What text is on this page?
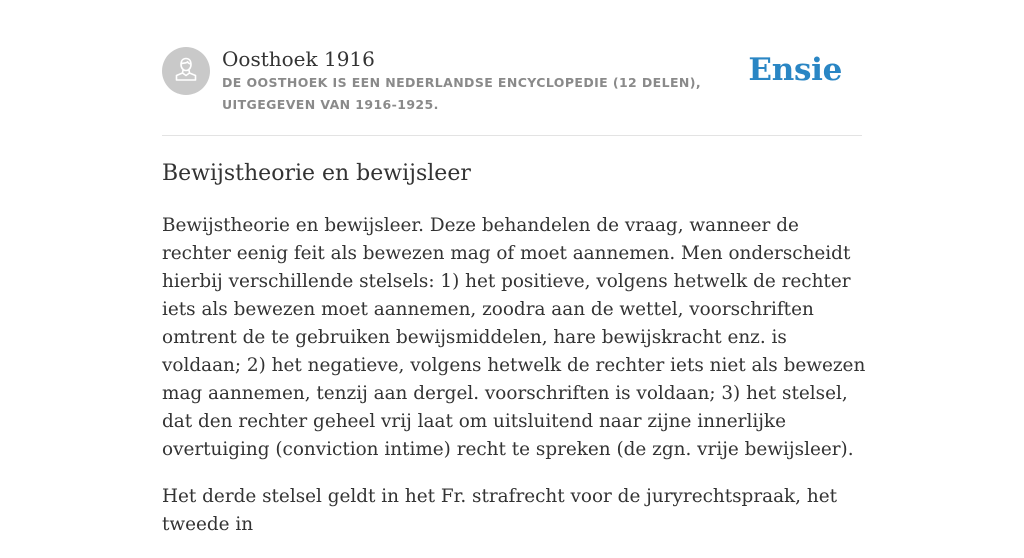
Oosthoek 1916
DE OOSTHOEK IS EEN NEDERLANDSE ENCYCLOPEDIE (12 DELEN), UITGEGEVEN VAN 1916-1925.
Ensie
Bewijstheorie en bewijsleer

Bewijstheorie en bewijsleer. Deze behandelen de vraag, wanneer de rechter eenig feit als bewezen mag of moet aannemen. Men onderscheidt hierbij verschillende stelsels: 1) het positieve, volgens hetwelk de rechter iets als bewezen moet aannemen, zoodra aan de wettel, voorschriften omtrent de te gebruiken bewijsmiddelen, hare bewijskracht enz. is voldaan; 2) het negatieve, volgens hetwelk de rechter iets niet als bewezen mag aannemen, tenzij aan dergel. voorschriften is voldaan; 3) het stelsel, dat den rechter geheel vrij laat om uitsluitend naar zijne innerlijke overtuiging (conviction intime) recht te spreken (de zgn. vrije bewijsleer).

Het derde stelsel geldt in het Fr. strafrecht voor de juryrechtspraak, het tweede in
